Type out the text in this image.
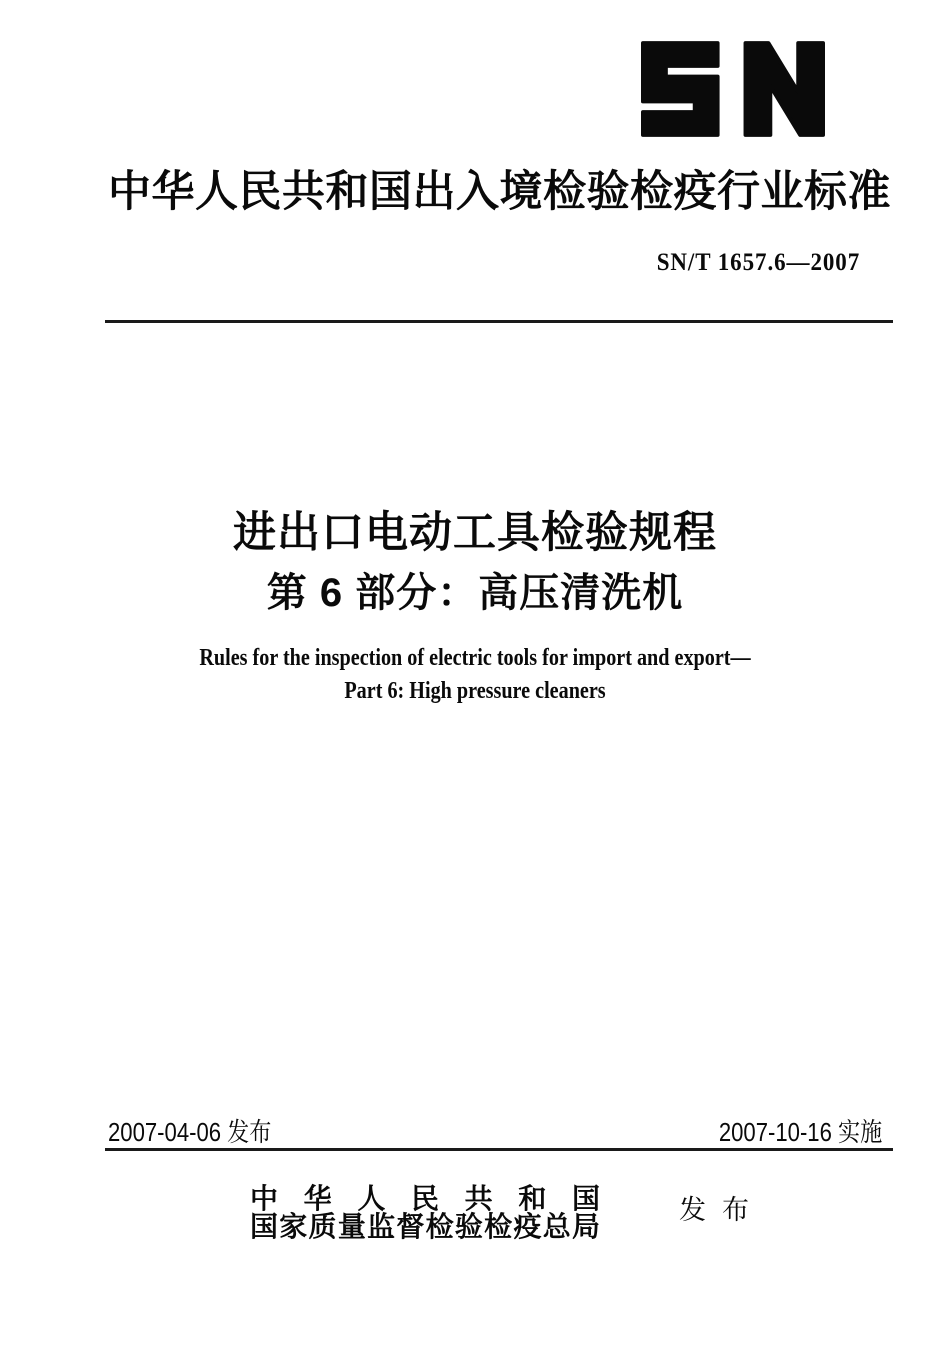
中华人民共和国出入境检验检疫行业标准
SN/T 1657.6—2007
进出口电动工具检验规程
第 6 部分：高压清洗机
Rules for the inspection of electric tools for import and export—
Part 6: High pressure cleaners
2007-04-06 发布	2007-10-16 实施
中 华 人 民 共 和 国
国家质量监督检验检疫总局
发布
